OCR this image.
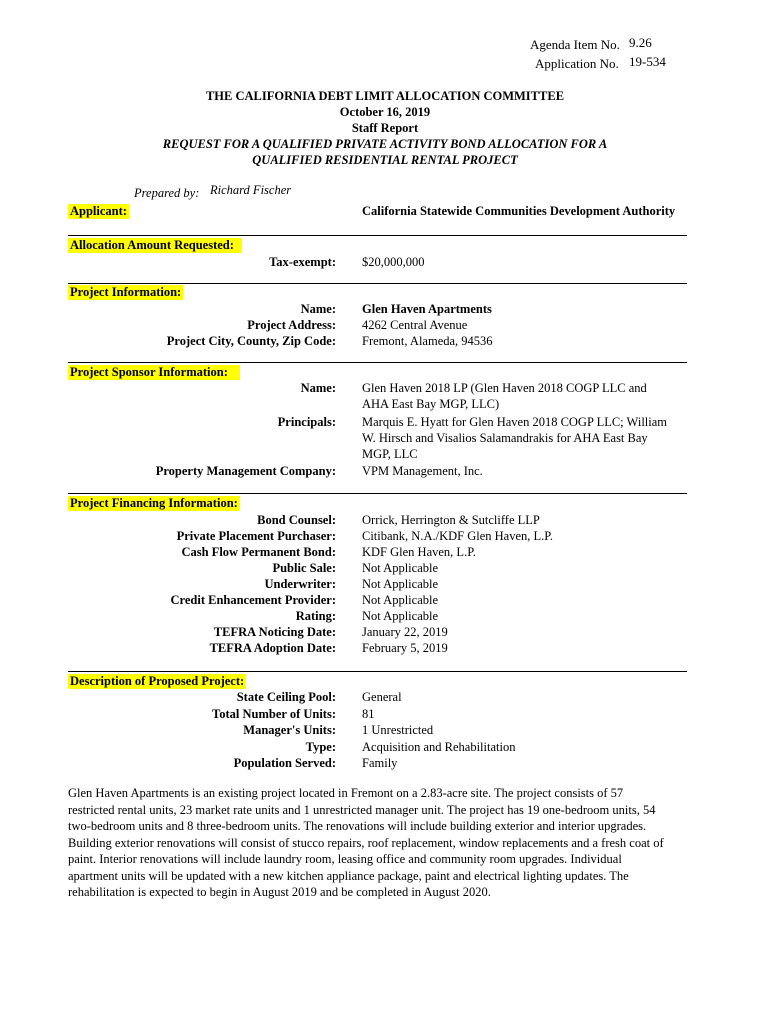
Agenda Item No. 9.26
Application No. 19-534
THE CALIFORNIA DEBT LIMIT ALLOCATION COMMITTEE
October 16, 2019
Staff Report
REQUEST FOR A QUALIFIED PRIVATE ACTIVITY BOND ALLOCATION FOR A
QUALIFIED RESIDENTIAL RENTAL PROJECT
Prepared by: Richard Fischer
Applicant:	California Statewide Communities Development Authority
Allocation Amount Requested:
Tax-exempt: $20,000,000
Project Information:
Name: Glen Haven Apartments
Project Address: 4262 Central Avenue
Project City, County, Zip Code: Fremont, Alameda, 94536
Project Sponsor Information:
Name: Glen Haven 2018 LP (Glen Haven 2018 COGP LLC and
AHA East Bay MGP, LLC)
Principals: Marquis E. Hyatt for Glen Haven 2018 COGP LLC; William
W. Hirsch and Visalios Salamandrakis for AHA East Bay
MGP, LLC
Property Management Company: VPM Management, Inc.
Project Financing Information:
Bond Counsel: Orrick, Herrington & Sutcliffe LLP
Private Placement Purchaser: Citibank, N.A./KDF Glen Haven, L.P.
Cash Flow Permanent Bond: KDF Glen Haven, L.P.
Public Sale: Not Applicable
Underwriter: Not Applicable
Credit Enhancement Provider: Not Applicable
Rating: Not Applicable
TEFRA Noticing Date: January 22, 2019
TEFRA Adoption Date: February 5, 2019
Description of Proposed Project:
State Ceiling Pool: General
Total Number of Units: 81
Manager's Units: 1 Unrestricted
Type: Acquisition and Rehabilitation
Population Served: Family
Glen Haven Apartments is an existing project located in Fremont on a 2.83-acre site. The project consists of 57 restricted rental units, 23 market rate units and 1 unrestricted manager unit. The project has 19 one-bedroom units, 54 two-bedroom units and 8 three-bedroom units. The renovations will include building exterior and interior upgrades. Building exterior renovations will consist of stucco repairs, roof replacement, window replacements and a fresh coat of paint. Interior renovations will include laundry room, leasing office and community room upgrades. Individual apartment units will be updated with a new kitchen appliance package, paint and electrical lighting updates. The rehabilitation is expected to begin in August 2019 and be completed in August 2020.
